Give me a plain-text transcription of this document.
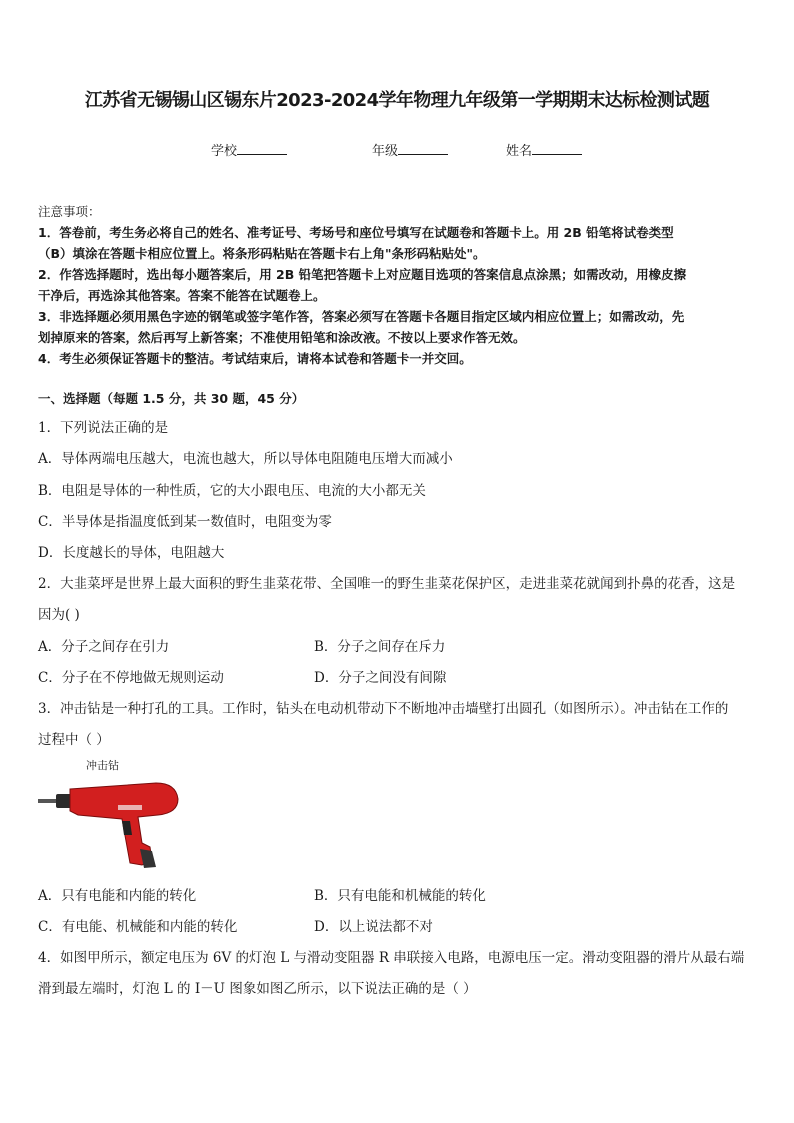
江苏省无锡锡山区锡东片2023-2024学年物理九年级第一学期期末达标检测试题
学校	年级	姓名
注意事项：
1．答卷前，考生务必将自己的姓名、准考证号、考场号和座位号填写在试题卷和答题卡上。用 2B 铅笔将试卷类型
（B）填涂在答题卡相应位置上。将条形码粘贴在答题卡右上角"条形码粘贴处"。
2．作答选择题时，选出每小题答案后，用 2B 铅笔把答题卡上对应题目选项的答案信息点涂黑；如需改动，用橡皮擦
干净后，再选涂其他答案。答案不能答在试题卷上。
3．非选择题必须用黑色字迹的钢笔或签字笔作答，答案必须写在答题卡各题目指定区域内相应位置上；如需改动，先
划掉原来的答案，然后再写上新答案；不准使用铅笔和涂改液。不按以上要求作答无效。
4．考生必须保证答题卡的整洁。考试结束后，请将本试卷和答题卡一并交回。
一、选择题（每题 1.5 分，共 30 题，45 分）
1．下列说法正确的是
A．导体两端电压越大，电流也越大，所以导体电阻随电压增大而减小
B．电阻是导体的一种性质，它的大小跟电压、电流的大小都无关
C．半导体是指温度低到某一数值时，电阻变为零
D．长度越长的导体，电阻越大
2．大韭菜坪是世界上最大面积的野生韭菜花带、全国唯一的野生韭菜花保护区，走进韭菜花就闻到扑鼻的花香，这是
因为( )
A．分子之间存在引力	B．分子之间存在斥力
C．分子在不停地做无规则运动	D．分子之间没有间隙
3．冲击钻是一种打孔的工具。工作时，钻头在电动机带动下不断地冲击墙壁打出圆孔（如图所示）。冲击钻在工作的
过程中（ ）
冲击钻
A．只有电能和内能的转化	B．只有电能和机械能的转化
C．有电能、机械能和内能的转化	D．以上说法都不对
4．如图甲所示，额定电压为 6V 的灯泡 L 与滑动变阻器 R 串联接入电路，电源电压一定。滑动变阻器的滑片从最右端
滑到最左端时，灯泡 L 的 I－U 图象如图乙所示，以下说法正确的是（ ）
